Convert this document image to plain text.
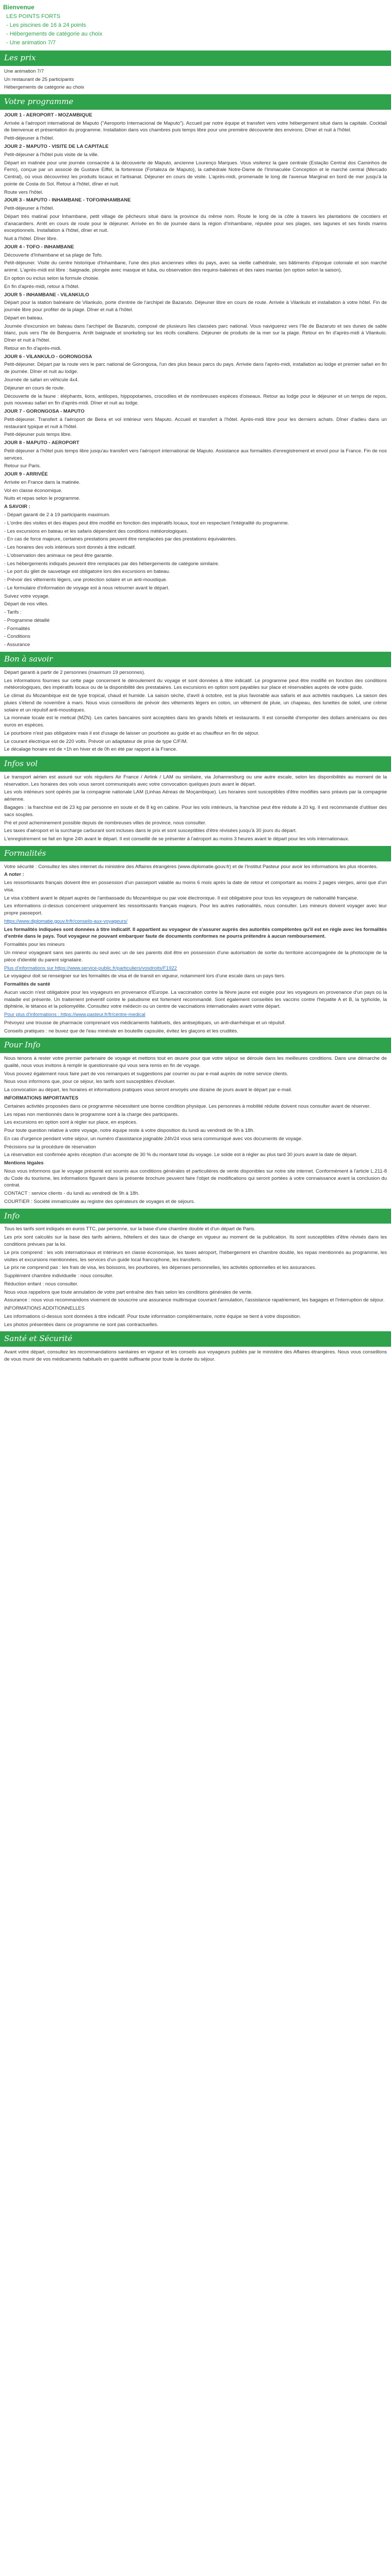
Bienvenue
LES POINTS FORTS
- Les piscines de 16 à 24 points
- Hébergements de catégorie au choix
- Une animation 7/7
Les prix
Une animation 7/7
Un restaurant de 25 participants
Hébergements de catégorie au choix
Votre programme
JOUR 1 - AEROPORT - MOZAMBIQUE
Arrivée à l'aéroport international de Maputo ("Aeroporto Internacional de Maputo"). Accueil par notre équipe et transfert vers votre hébergement situé dans la capitale. Cocktail de bienvenue et présentation du programme. Installation dans vos chambres puis temps libre pour une première découverte des environs. Dîner et nuit à l'hôtel.
Petit-déjeuner à l'hôtel.
JOUR 2 - MAPUTO - VISITE DE LA CAPITALE
Petit-déjeuner à l'hôtel puis visite de la ville.
Départ en matinée pour une journée consacrée à la découverte de Maputo, ancienne Lourenço Marques. Vous visiterez la gare centrale (Estação Central dos Caminhos de Ferro), conçue par un associé de Gustave Eiffel, la forteresse (Fortaleza de Maputo), la cathédrale Notre-Dame de l'Immaculée Conception et le marché central (Mercado Central), où vous découvrirez les produits locaux et l'artisanat. Déjeuner en cours de visite. L'après-midi, promenade le long de l'avenue Marginal en bord de mer jusqu'à la pointe de Costa do Sol. Retour à l'hôtel, dîner et nuit.
Route vers l'hôtel.
JOUR 3 - MAPUTO - INHAMBANE - TOFO/INHAMBANE
Petit-déjeuner à l'hôtel.
Départ très matinal pour Inhambane, petit village de pêcheurs situé dans la province du même nom. Route le long de la côte à travers les plantations de cocotiers et d'anacardiers. Arrêt en cours de route pour le déjeuner. Arrivée en fin de journée dans la région d'Inhambane, réputée pour ses plages, ses lagunes et ses fonds marins exceptionnels. Installation à l'hôtel, dîner et nuit.
Nuit à l'hôtel. Dîner libre.
JOUR 4 - TOFO - INHAMBANE
Découverte d'Inhambane et sa plage de Tofo.
Petit-déjeuner. Visite du centre historique d'Inhambane, l'une des plus anciennes villes du pays, avec sa vieille cathédrale, ses bâtiments d'époque coloniale et son marché animé. L'après-midi est libre : baignade, plongée avec masque et tuba, ou observation des requins-baleines et des raies mantas (en option selon la saison).
En option ou inclus selon la formule choisie.
En fin d'après-midi, retour à l'hôtel.
JOUR 5 - INHAMBANE - VILANKULO
Départ pour la station balnéaire de Vilankulo, porte d'entrée de l'archipel de Bazaruto. Déjeuner libre en cours de route. Arrivée à Vilankulo et installation à votre hôtel. Fin de journée libre pour profiter de la plage. Dîner et nuit à l'hôtel.
Départ en bateau.
Journée d'excursion en bateau dans l'archipel de Bazaruto, composé de plusieurs îles classées parc national. Vous naviguerez vers l'île de Bazaruto et ses dunes de sable blanc, puis vers l'île de Benguerra. Arrêt baignade et snorkeling sur les récifs coralliens. Déjeuner de produits de la mer sur la plage. Retour en fin d'après-midi à Vilankulo. Dîner et nuit à l'hôtel.
Retour en fin d'après-midi.
JOUR 6 - VILANKULO - GORONGOSA
Petit-déjeuner. Départ par la route vers le parc national de Gorongosa, l'un des plus beaux parcs du pays. Arrivée dans l'après-midi, installation au lodge et premier safari en fin de journée. Dîner et nuit au lodge.
Journée de safari en véhicule 4x4.
Déjeuner en cours de route.
Découverte de la faune : éléphants, lions, antilopes, hippopotames, crocodiles et de nombreuses espèces d'oiseaux. Retour au lodge pour le déjeuner et un temps de repos, puis nouveau safari en fin d'après-midi. Dîner et nuit au lodge.
JOUR 7 - GORONGOSA - MAPUTO
Petit-déjeuner. Transfert à l'aéroport de Beira et vol intérieur vers Maputo. Accueil et transfert à l'hôtel. Après-midi libre pour les derniers achats. Dîner d'adieu dans un restaurant typique et nuit à l'hôtel.
Petit-déjeuner puis temps libre.
JOUR 8 - MAPUTO - AEROPORT
Petit-déjeuner à l'hôtel puis temps libre jusqu'au transfert vers l'aéroport international de Maputo. Assistance aux formalités d'enregistrement et envol pour la France. Fin de nos services.
Retour sur Paris.
JOUR 9 - ARRIVÉE
Arrivée en France dans la matinée.
Vol en classe économique.
Nuits et repas selon le programme.
A SAVOIR :
- Départ garanti de 2 à 19 participants maximum.
- L'ordre des visites et des étapes peut être modifié en fonction des impératifs locaux, tout en respectant l'intégralité du programme.
- Les excursions en bateau et les safaris dépendent des conditions météorologiques.
- En cas de force majeure, certaines prestations peuvent être remplacées par des prestations équivalentes.
- Les horaires des vols intérieurs sont donnés à titre indicatif.
- L'observation des animaux ne peut être garantie.
- Les hébergements indiqués peuvent être remplacés par des hébergements de catégorie similaire.
- Le port du gilet de sauvetage est obligatoire lors des excursions en bateau.
- Prévoir des vêtements légers, une protection solaire et un anti-moustique.
- Le formulaire d'information de voyage est à nous retourner avant le départ.
Suivez votre voyage.
Départ de nos villes.
- Tarifs :
- Programme détaillé
- Formalités
- Conditions
- Assurance
Bon à savoir
Départ garanti à partir de 2 personnes (maximum 19 personnes).
Les informations fournies sur cette page concernent le déroulement du voyage et sont données à titre indicatif. Le programme peut être modifié en fonction des conditions météorologiques, des impératifs locaux ou de la disponibilité des prestataires. Les excursions en option sont payables sur place et réservables auprès de votre guide.
Le climat du Mozambique est de type tropical, chaud et humide. La saison sèche, d'avril à octobre, est la plus favorable aux safaris et aux activités nautiques. La saison des pluies s'étend de novembre à mars. Nous vous conseillons de prévoir des vêtements légers en coton, un vêtement de pluie, un chapeau, des lunettes de soleil, une crème solaire et un répulsif anti-moustiques.
La monnaie locale est le metical (MZN). Les cartes bancaires sont acceptées dans les grands hôtels et restaurants. Il est conseillé d'emporter des dollars américains ou des euros en espèces.
Le pourboire n'est pas obligatoire mais il est d'usage de laisser un pourboire au guide et au chauffeur en fin de séjour.
Le courant électrique est de 220 volts. Prévoir un adaptateur de prise de type C/F/M.
Le décalage horaire est de +1h en hiver et de 0h en été par rapport à la France.
Infos vol
Le transport aérien est assuré sur vols réguliers Air France / Airlink / LAM ou similaire, via Johannesburg ou une autre escale, selon les disponibilités au moment de la réservation. Les horaires des vols vous seront communiqués avec votre convocation quelques jours avant le départ.
Les vols intérieurs sont opérés par la compagnie nationale LAM (Linhas Aéreas de Moçambique). Les horaires sont susceptibles d'être modifiés sans préavis par la compagnie aérienne.
Bagages : la franchise est de 23 kg par personne en soute et de 8 kg en cabine. Pour les vols intérieurs, la franchise peut être réduite à 20 kg. Il est recommandé d'utiliser des sacs souples.
Pré et post acheminement possible depuis de nombreuses villes de province, nous consulter.
Les taxes d'aéroport et la surcharge carburant sont incluses dans le prix et sont susceptibles d'être révisées jusqu'à 30 jours du départ.
L'enregistrement se fait en ligne 24h avant le départ. Il est conseillé de se présenter à l'aéroport au moins 3 heures avant le départ pour les vols internationaux.
Formalités
Votre sécurité : Consultez les sites internet du ministère des Affaires étrangères (www.diplomatie.gouv.fr) et de l'Institut Pasteur pour avoir les informations les plus récentes.
A noter :
Les ressortissants français doivent être en possession d'un passeport valable au moins 6 mois après la date de retour et comportant au moins 2 pages vierges, ainsi que d'un visa.
Le visa s'obtient avant le départ auprès de l'ambassade du Mozambique ou par voie électronique. Il est obligatoire pour tous les voyageurs de nationalité française.
Les informations ci-dessus concernent uniquement les ressortissants français majeurs. Pour les autres nationalités, nous consulter. Les mineurs doivent voyager avec leur propre passeport.
https://www.diplomatie.gouv.fr/fr/conseils-aux-voyageurs/
Les formalités indiquées sont données à titre indicatif. Il appartient au voyageur de s'assurer auprès des autorités compétentes qu'il est en règle avec les formalités d'entrée dans le pays. Tout voyageur ne pouvant embarquer faute de documents conformes ne pourra prétendre à aucun remboursement.
Formalités pour les mineurs
Un mineur voyageant sans ses parents ou seul avec un de ses parents doit être en possession d'une autorisation de sortie du territoire accompagnée de la photocopie de la pièce d'identité du parent signataire.
Plus d'informations sur https://www.service-public.fr/particuliers/vosdroits/F1922
Le voyageur doit se renseigner sur les formalités de visa et de transit en vigueur, notamment lors d'une escale dans un pays tiers.
Formalités de santé
Aucun vaccin n'est obligatoire pour les voyageurs en provenance d'Europe. La vaccination contre la fièvre jaune est exigée pour les voyageurs en provenance d'un pays où la maladie est présente. Un traitement préventif contre le paludisme est fortement recommandé. Sont également conseillés les vaccins contre l'hépatite A et B, la typhoïde, la diphtérie, le tétanos et la poliomyélite. Consultez votre médecin ou un centre de vaccinations internationales avant votre départ.
Pour plus d'informations : https://www.pasteur.fr/fr/centre-medical
Prévoyez une trousse de pharmacie comprenant vos médicaments habituels, des antiseptiques, un anti-diarrhéique et un répulsif.
Conseils pratiques : ne buvez que de l'eau minérale en bouteille capsulée, évitez les glaçons et les crudités.
Pour Info
Nous tenons à rester votre premier partenaire de voyage et mettons tout en œuvre pour que votre séjour se déroule dans les meilleures conditions. Dans une démarche de qualité, nous vous invitons à remplir le questionnaire qui vous sera remis en fin de voyage.
Vous pouvez également nous faire part de vos remarques et suggestions par courrier ou par e-mail auprès de notre service clients.
Nous vous informons que, pour ce séjour, les tarifs sont susceptibles d'évoluer.
La convocation au départ, les horaires et informations pratiques vous seront envoyés une dizaine de jours avant le départ par e-mail.
INFORMATIONS IMPORTANTES
Certaines activités proposées dans ce programme nécessitent une bonne condition physique. Les personnes à mobilité réduite doivent nous consulter avant de réserver.
Les repas non mentionnés dans le programme sont à la charge des participants.
Les excursions en option sont à régler sur place, en espèces.
Pour toute question relative à votre voyage, notre équipe reste à votre disposition du lundi au vendredi de 9h à 18h.
En cas d'urgence pendant votre séjour, un numéro d'assistance joignable 24h/24 vous sera communiqué avec vos documents de voyage.
Précisions sur la procédure de réservation
La réservation est confirmée après réception d'un acompte de 30 % du montant total du voyage. Le solde est à régler au plus tard 30 jours avant la date de départ.
Mentions légales
Nous vous informons que le voyage présenté est soumis aux conditions générales et particulières de vente disponibles sur notre site internet. Conformément à l'article L.211-8 du Code du tourisme, les informations figurant dans la présente brochure peuvent faire l'objet de modifications qui seront portées à votre connaissance avant la conclusion du contrat.
CONTACT : service clients - du lundi au vendredi de 9h à 18h.
COURTIER : Société immatriculée au registre des opérateurs de voyages et de séjours.
Info
Tous les tarifs sont indiqués en euros TTC, par personne, sur la base d'une chambre double et d'un départ de Paris.
Les prix sont calculés sur la base des tarifs aériens, hôteliers et des taux de change en vigueur au moment de la publication. Ils sont susceptibles d'être révisés dans les conditions prévues par la loi.
Le prix comprend : les vols internationaux et intérieurs en classe économique, les taxes aéroport, l'hébergement en chambre double, les repas mentionnés au programme, les visites et excursions mentionnées, les services d'un guide local francophone, les transferts.
Le prix ne comprend pas : les frais de visa, les boissons, les pourboires, les dépenses personnelles, les activités optionnelles et les assurances.
Supplément chambre individuelle : nous consulter.
Réduction enfant : nous consulter.
Nous vous rappelons que toute annulation de votre part entraîne des frais selon les conditions générales de vente.
Assurance : nous vous recommandons vivement de souscrire une assurance multirisque couvrant l'annulation, l'assistance rapatriement, les bagages et l'interruption de séjour.
INFORMATIONS ADDITIONNELLES
Les informations ci-dessus sont données à titre indicatif. Pour toute information complémentaire, notre équipe se tient à votre disposition.
Les photos présentées dans ce programme ne sont pas contractuelles.
Santé et Sécurité
Avant votre départ, consultez les recommandations sanitaires en vigueur et les conseils aux voyageurs publiés par le ministère des Affaires étrangères. Nous vous conseillons de vous munir de vos médicaments habituels en quantité suffisante pour toute la durée du séjour.
